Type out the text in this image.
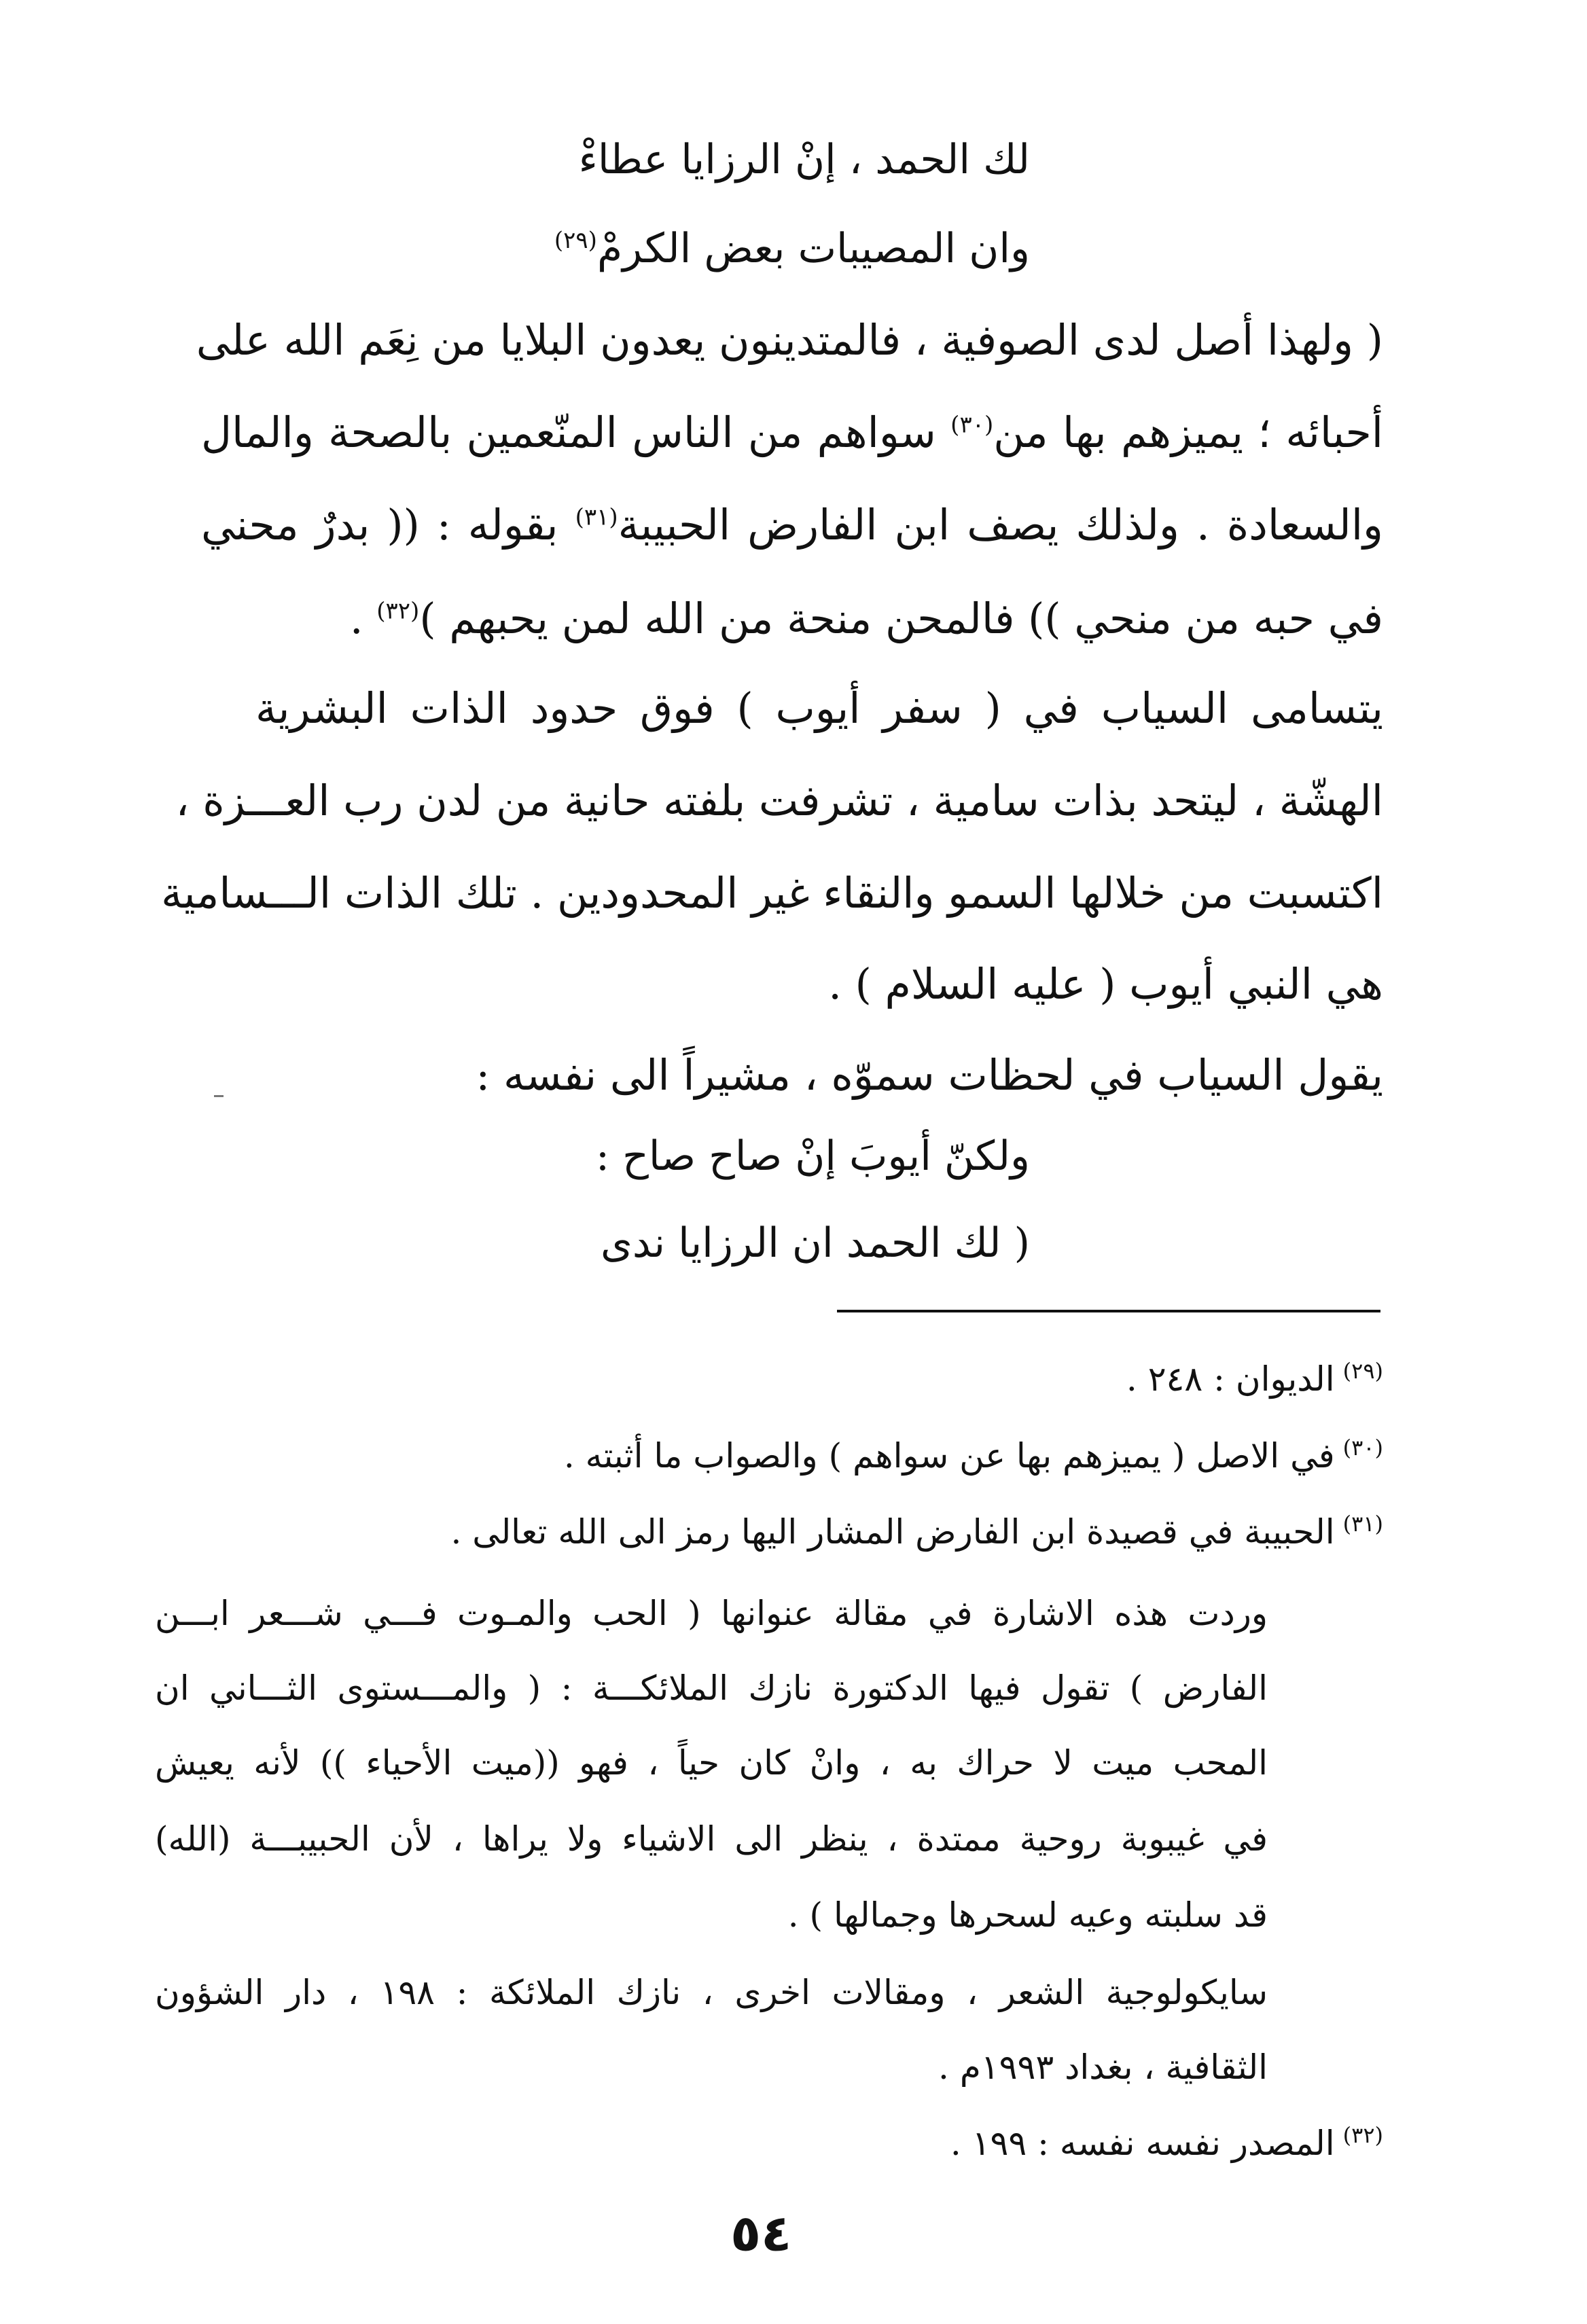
لك الحمد ، إنْ الرزايا عطاءْ
وان المصيبات بعض الكرمْ$^{(٢٩)}$
( ولهذا أصل لدى الصوفية ، فالمتدينون يعدون البلايا من نِعَم الله على
أحبائه ؛ يميزهم بها من$^{(٣٠)}$ سواهم من الناس المنّعمين بالصحة والمال
والسعادة . ولذلك يصف ابن الفارض الحبيبة$^{(٣١)}$ بقوله : (( بدرٌ محني
في حبه من منحي )) فالمحن منحة من الله لمن يحبهم )$^{(٣٢)}$ .
يتسامى السياب في ( سفر أيوب ) فوق حدود الذات البشرية
الهشّة ، ليتحد بذات سامية ، تشرفت بلفته حانية من لدن رب العـــزة ،
اكتسبت من خلالها السمو والنقاء غير المحدودين . تلك الذات الـــسامية
هي النبي أيوب ( عليه السلام ) .
يقول السياب في لحظات سموّه ، مشيراً الى نفسه :
ولكنّ أيوبَ إنْ صاح صاح :
( لك الحمد ان الرزايا ندى
$^{(٢٩)}$الديوان : ٢٤٨ .
$^{(٣٠)}$في الاصل ( يميزهم بها عن سواهم ) والصواب ما أثبته .
$^{(٣١)}$الحبيبة في قصيدة ابن الفارض المشار اليها رمز الى الله تعالى .
وردت هذه الاشارة في مقالة عنوانها ( الحب والمـوت فـــي شـــعر ابـــن
الفارض ) تقول فيها الدكتورة نازك الملائكـــة : ( والمـــستوى الثـــاني ان
المحب ميت لا حراك به ، وانْ كان حياً ، فهو ((ميت الأحياء )) لأنه يعيش
في غيبوبة روحية ممتدة ، ينظر الى الاشياء ولا يراها ، لأن الحبيبـــة (الله)
قد سلبته وعيه لسحرها وجمالها ) .
سايكولوجية الشعر ، ومقالات اخرى ، نازك الملائكة : ١٩٨ ، دار الشؤون
الثقافية ، بغداد ١٩٩٣م .
$^{(٣٢)}$المصدر نفسه نفسه : ١٩٩ .
٥٤
